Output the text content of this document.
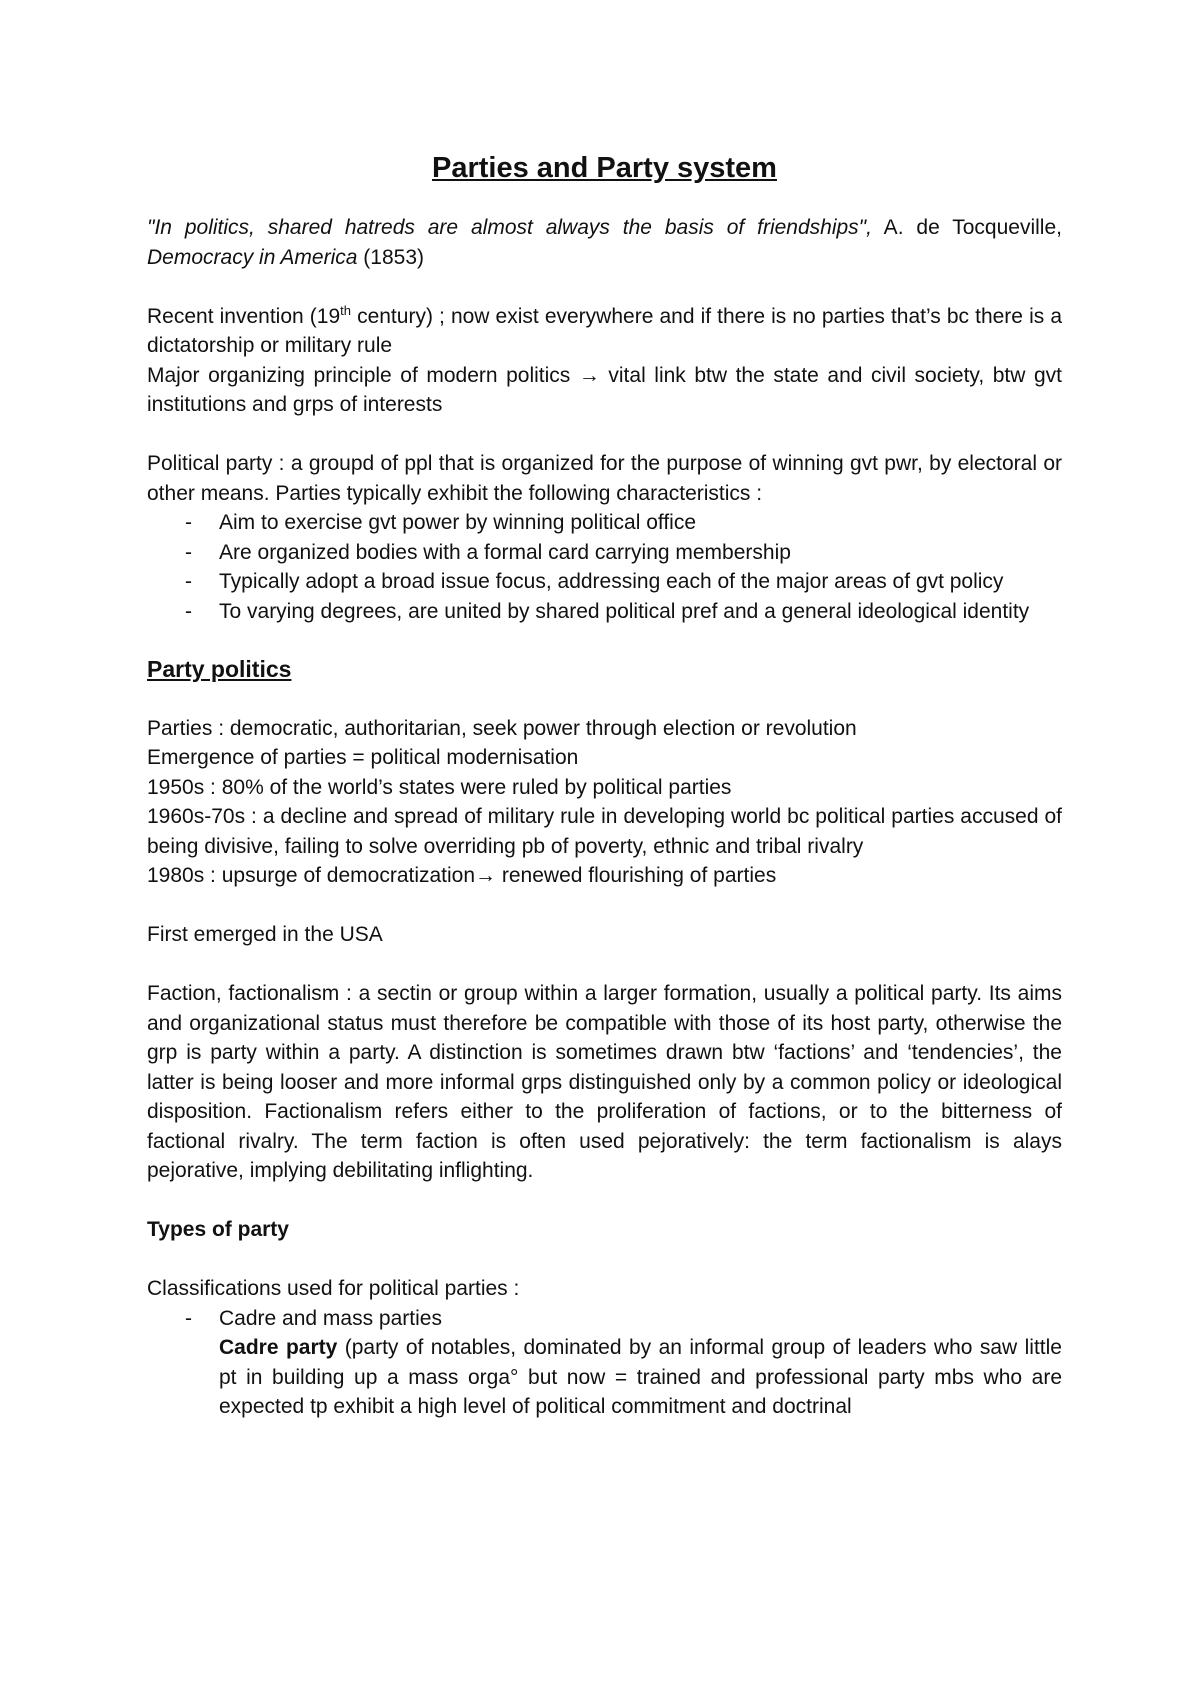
Parties and Party system

"In politics, shared hatreds are almost always the basis of friendships", A. de Tocqueville, Democracy in America (1853)

Recent invention (19th century) ; now exist everywhere and if there is no parties that’s bc there is a dictatorship or military rule

Major organizing principle of modern politics → vital link btw the state and civil society, btw gvt institutions and grps of interests

Political party : a groupd of ppl that is organized for the purpose of winning gvt pwr, by electoral or other means. Parties typically exhibit the following characteristics :

- Aim to exercise gvt power by winning political office
- Are organized bodies with a formal card carrying membership
- Typically adopt a broad issue focus, addressing each of the major areas of gvt policy
- To varying degrees, are united by shared political pref and a general ideological identity
Party politics

Parties : democratic, authoritarian, seek power through election or revolution

Emergence of parties = political modernisation

1950s : 80% of the world’s states were ruled by political parties

1960s-70s : a decline and spread of military rule in developing world bc political parties accused of being divisive, failing to solve overriding pb of poverty, ethnic and tribal rivalry

1980s : upsurge of democratization→ renewed flourishing of parties

First emerged in the USA

Faction, factionalism : a sectin or group within a larger formation, usually a political party. Its aims and organizational status must therefore be compatible with those of its host party, otherwise the grp is party within a party. A distinction is sometimes drawn btw ‘factions’ and ‘tendencies’, the latter is being looser and more informal grps distinguished only by a common policy or ideological disposition. Factionalism refers either to the proliferation of factions, or to the bitterness of factional rivalry. The term faction is often used pejoratively: the term factionalism is alays pejorative, implying debilitating inflighting.

Types of party

Classifications used for political parties :

- Cadre and mass parties
Cadre party (party of notables, dominated by an informal group of leaders who saw little pt in building up a mass orga° but now = trained and professional party mbs who are expected tp exhibit a high level of political commitment and doctrinal
